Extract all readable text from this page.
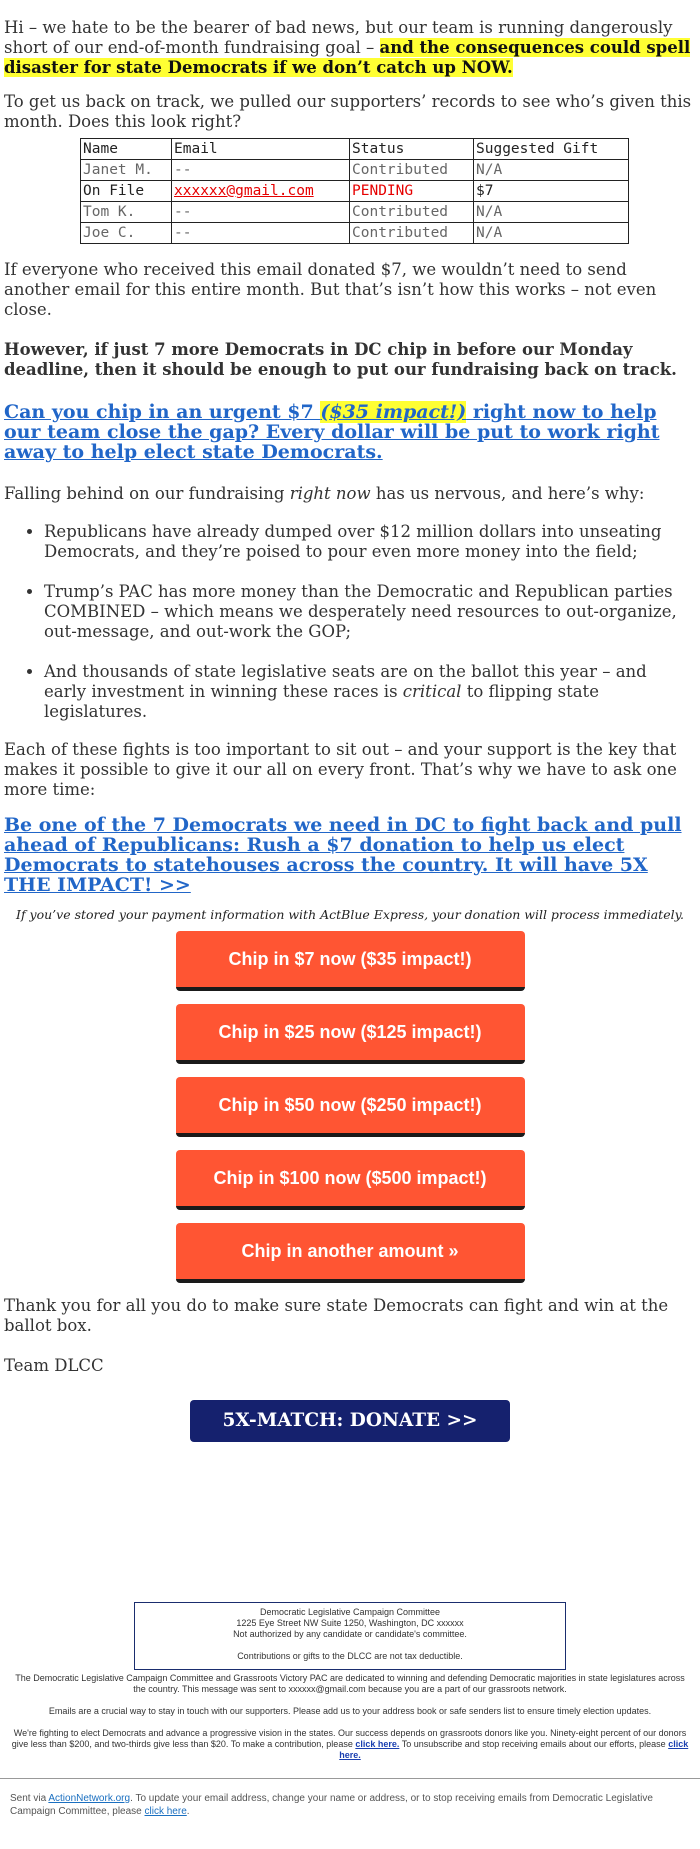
Hi – we hate to be the bearer of bad news, but our team is running dangerously short of our end-of-month fundraising goal – and the consequences could spell disaster for state Democrats if we don’t catch up NOW.

To get us back on track, we pulled our supporters’ records to see who’s given this month. Does this look right?

Name	Email	Status	Suggested Gift
Janet M.	--	Contributed	N/A
On File	xxxxxx@gmail.com	PENDING	$7
Tom K.	--	Contributed	N/A
Joe C.	--	Contributed	N/A

If everyone who received this email donated $7, we wouldn’t need to send another email for this entire month. But that’s isn’t how this works – not even close.

However, if just 7 more Democrats in DC chip in before our Monday deadline, then it should be enough to put our fundraising back on track.

Can you chip in an urgent $7 ($35 impact!) right now to help our team close the gap? Every dollar will be put to work right away to help elect state Democrats.

Falling behind on our fundraising right now has us nervous, and here’s why:

• Republicans have already dumped over $12 million dollars into unseating Democrats, and they’re poised to pour even more money into the field;
• Trump’s PAC has more money than the Democratic and Republican parties COMBINED – which means we desperately need resources to out-organize, out-message, and out-work the GOP;
• And thousands of state legislative seats are on the ballot this year – and early investment in winning these races is critical to flipping state legislatures.

Each of these fights is too important to sit out – and your support is the key that makes it possible to give it our all on every front. That’s why we have to ask one more time:

Be one of the 7 Democrats we need in DC to fight back and pull ahead of Republicans: Rush a $7 donation to help us elect Democrats to statehouses across the country. It will have 5X THE IMPACT! >>
If you’ve stored your payment information with ActBlue Express, your donation will process immediately.
Chip in $7 now ($35 impact!)
Chip in $25 now ($125 impact!)
Chip in $50 now ($250 impact!)
Chip in $100 now ($500 impact!)
Chip in another amount »

Thank you for all you do to make sure state Democrats can fight and win at the ballot box.

Team DLCC

5X-MATCH: DONATE >>
Democratic Legislative Campaign Committee
1225 Eye Street NW Suite 1250, Washington, DC xxxxxx
Not authorized by any candidate or candidate's committee.
Contributions or gifts to the DLCC are not tax deductible.
The Democratic Legislative Campaign Committee and Grassroots Victory PAC are dedicated to winning and defending Democratic majorities in state legislatures across the country. This message was sent to xxxxxx@gmail.com because you are a part of our grassroots network.
Emails are a crucial way to stay in touch with our supporters. Please add us to your address book or safe senders list to ensure timely election updates.
We're fighting to elect Democrats and advance a progressive vision in the states. Our success depends on grassroots donors like you. Ninety-eight percent of our donors give less than $200, and two-thirds give less than $20. To make a contribution, please click here. To unsubscribe and stop receiving emails about our efforts, please click here.
Sent via ActionNetwork.org. To update your email address, change your name or address, or to stop receiving emails from Democratic Legislative Campaign Committee, please click here.
